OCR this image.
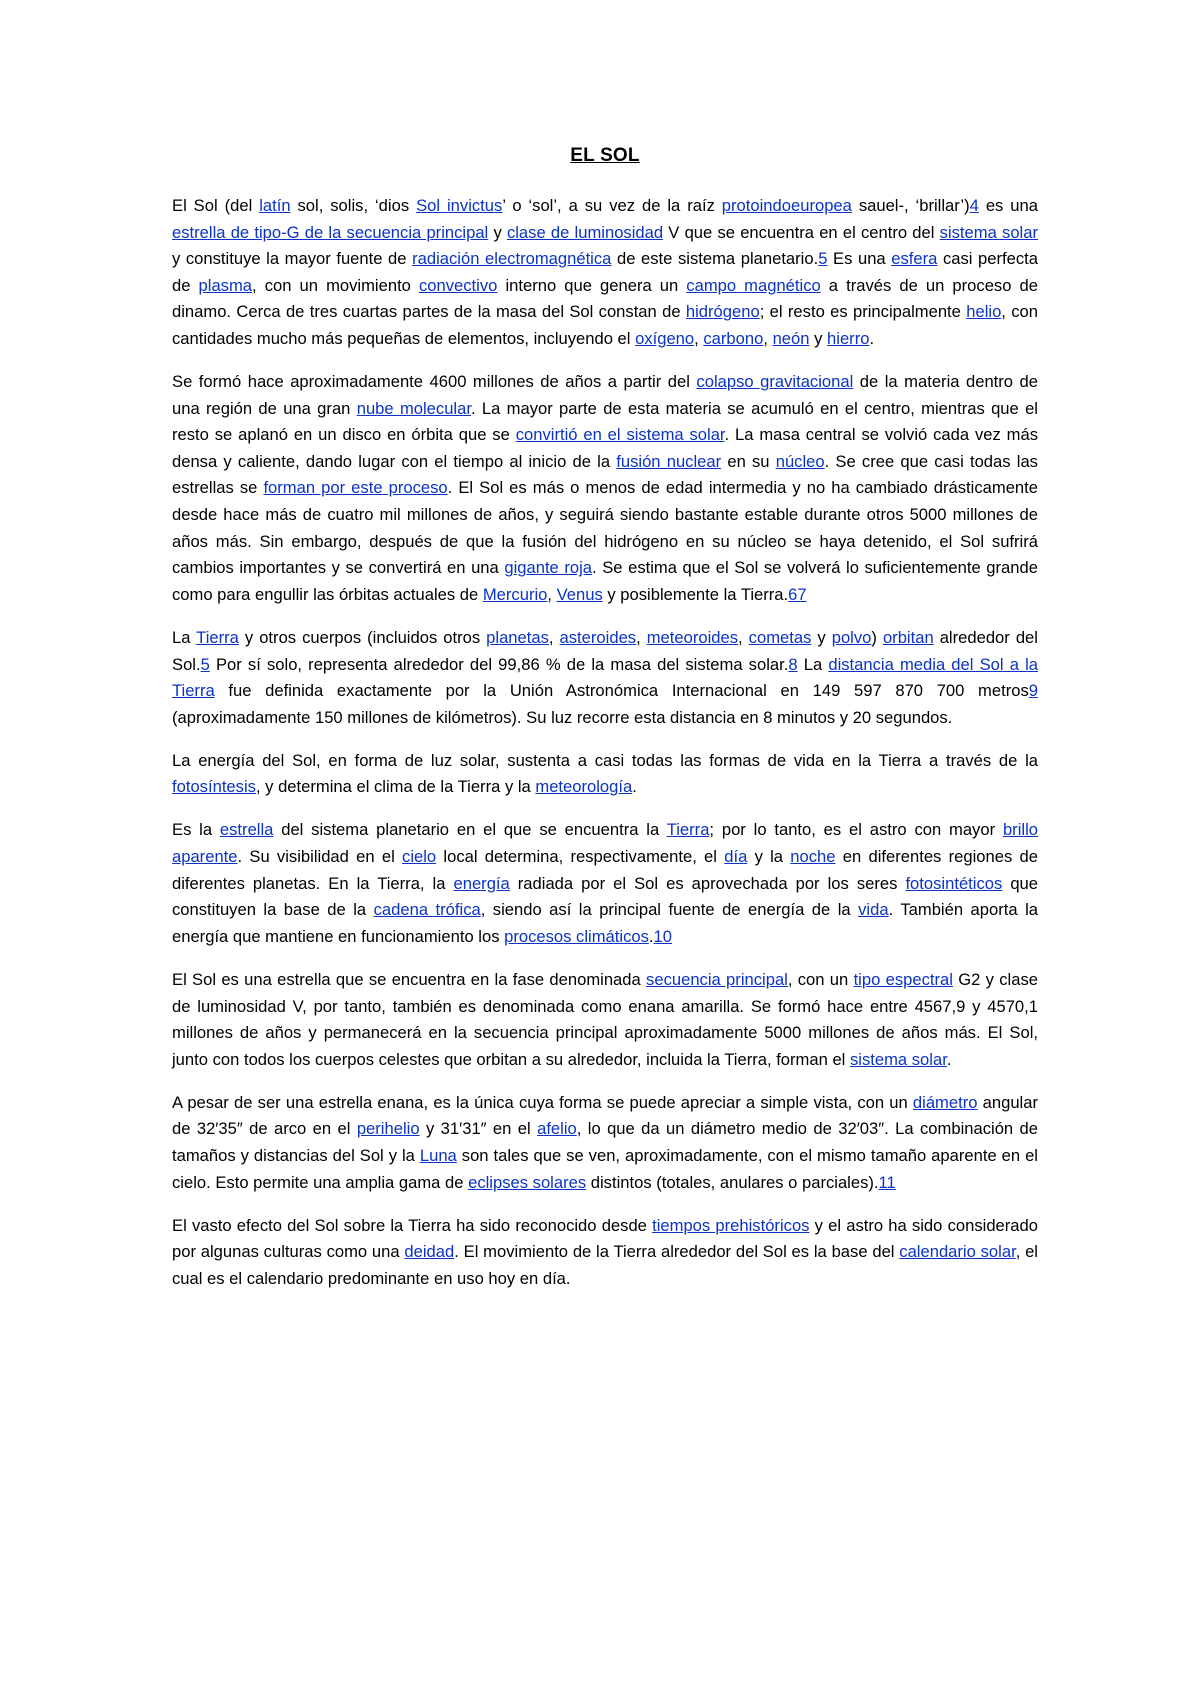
EL SOL

El Sol (del latín sol, solis, ‘dios Sol invictus’ o ‘sol’, a su vez de la raíz protoindoeuropea sauel-, ‘brillar’)4 es una estrella de tipo-G de la secuencia principal y clase de luminosidad V que se encuentra en el centro del sistema solar y constituye la mayor fuente de radiación electromagnética de este sistema planetario.5 Es una esfera casi perfecta de plasma, con un movimiento convectivo interno que genera un campo magnético a través de un proceso de dinamo. Cerca de tres cuartas partes de la masa del Sol constan de hidrógeno; el resto es principalmente helio, con cantidades mucho más pequeñas de elementos, incluyendo el oxígeno, carbono, neón y hierro.

Se formó hace aproximadamente 4600 millones de años a partir del colapso gravitacional de la materia dentro de una región de una gran nube molecular. La mayor parte de esta materia se acumuló en el centro, mientras que el resto se aplanó en un disco en órbita que se convirtió en el sistema solar. La masa central se volvió cada vez más densa y caliente, dando lugar con el tiempo al inicio de la fusión nuclear en su núcleo. Se cree que casi todas las estrellas se forman por este proceso. El Sol es más o menos de edad intermedia y no ha cambiado drásticamente desde hace más de cuatro mil millones de años, y seguirá siendo bastante estable durante otros 5000 millones de años más. Sin embargo, después de que la fusión del hidrógeno en su núcleo se haya detenido, el Sol sufrirá cambios importantes y se convertirá en una gigante roja. Se estima que el Sol se volverá lo suficientemente grande como para engullir las órbitas actuales de Mercurio, Venus y posiblemente la Tierra.67

La Tierra y otros cuerpos (incluidos otros planetas, asteroides, meteoroides, cometas y polvo) orbitan alrededor del Sol.5 Por sí solo, representa alrededor del 99,86 % de la masa del sistema solar.8 La distancia media del Sol a la Tierra fue definida exactamente por la Unión Astronómica Internacional en 149 597 870 700 metros9 (aproximadamente 150 millones de kilómetros). Su luz recorre esta distancia en 8 minutos y 20 segundos.

La energía del Sol, en forma de luz solar, sustenta a casi todas las formas de vida en la Tierra a través de la fotosíntesis, y determina el clima de la Tierra y la meteorología.

Es la estrella del sistema planetario en el que se encuentra la Tierra; por lo tanto, es el astro con mayor brillo aparente. Su visibilidad en el cielo local determina, respectivamente, el día y la noche en diferentes regiones de diferentes planetas. En la Tierra, la energía radiada por el Sol es aprovechada por los seres fotosintéticos que constituyen la base de la cadena trófica, siendo así la principal fuente de energía de la vida. También aporta la energía que mantiene en funcionamiento los procesos climáticos.10

El Sol es una estrella que se encuentra en la fase denominada secuencia principal, con un tipo espectral G2 y clase de luminosidad V, por tanto, también es denominada como enana amarilla. Se formó hace entre 4567,9 y 4570,1 millones de años y permanecerá en la secuencia principal aproximadamente 5000 millones de años más. El Sol, junto con todos los cuerpos celestes que orbitan a su alrededor, incluida la Tierra, forman el sistema solar.

A pesar de ser una estrella enana, es la única cuya forma se puede apreciar a simple vista, con un diámetro angular de 32′35″ de arco en el perihelio y 31′31″ en el afelio, lo que da un diámetro medio de 32′03″. La combinación de tamaños y distancias del Sol y la Luna son tales que se ven, aproximadamente, con el mismo tamaño aparente en el cielo. Esto permite una amplia gama de eclipses solares distintos (totales, anulares o parciales).11

El vasto efecto del Sol sobre la Tierra ha sido reconocido desde tiempos prehistóricos y el astro ha sido considerado por algunas culturas como una deidad. El movimiento de la Tierra alrededor del Sol es la base del calendario solar, el cual es el calendario predominante en uso hoy en día.
